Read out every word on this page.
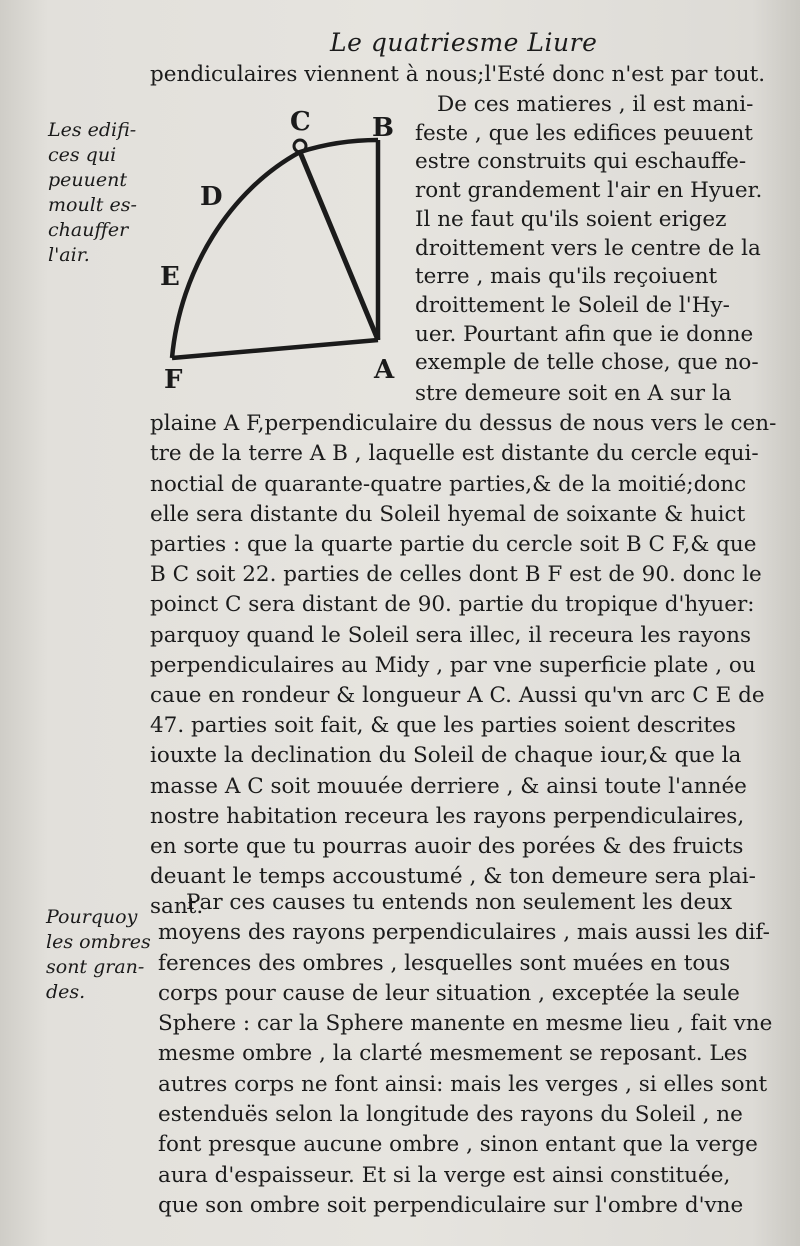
Le quatriesme Liure
pendiculaires viennent à nous;l'Esté donc n'est par tout.
Les edifi-
ces qui
peuuent
moult es-
chauffer
l'air.
B
C
D
E
F	A
De ces matieres , il est mani-
feste , que les edifices peuuent
estre construits qui eschauffe-
ront grandement l'air en Hyuer.
Il ne faut qu'ils soient erigez
droittement vers le centre de la
terre , mais qu'ils reçoiuent
droittement le Soleil de l'Hy-
uer. Pourtant afin que ie donne
exemple de telle chose, que no-
stre demeure soit en A sur la
plaine A F,perpendiculaire du dessus de nous vers le cen-
tre de la terre A B , laquelle est distante du cercle equi-
noctial de quarante-quatre parties,& de la moitié;donc
elle sera distante du Soleil hyemal de soixante & huict
parties : que la quarte partie du cercle soit B C F,& que
B C soit 22. parties de celles dont B F est de 90. donc le
poinct C sera distant de 90. partie du tropique d'hyuer:
parquoy quand le Soleil sera illec, il receura les rayons
perpendiculaires au Midy , par vne superficie plate , ou
caue en rondeur & longueur A C. Aussi qu'vn arc C E de
47. parties soit fait, & que les parties soient descrites
iouxte la declination du Soleil de chaque iour,& que la
masse A C soit mouuée derriere , & ainsi toute l'année
nostre habitation receura les rayons perpendiculaires,
en sorte que tu pourras auoir des porées & des fruicts
deuant le temps accoustumé , & ton demeure sera plai-
sant.
Pourquoy
les ombres
sont gran-
des.
Par ces causes tu entends non seulement les deux
moyens des rayons perpendiculaires , mais aussi les dif-
ferences des ombres , lesquelles sont muées en tous
corps pour cause de leur situation , exceptée la seule
Sphere : car la Sphere manente en mesme lieu , fait vne
mesme ombre , la clarté mesmement se reposant. Les
autres corps ne font ainsi: mais les verges , si elles sont
estenduës selon la longitude des rayons du Soleil , ne
font presque aucune ombre , sinon entant que la verge
aura d'espaisseur. Et si la verge est ainsi constituée,
que son ombre soit perpendiculaire sur l'ombre d'vne
